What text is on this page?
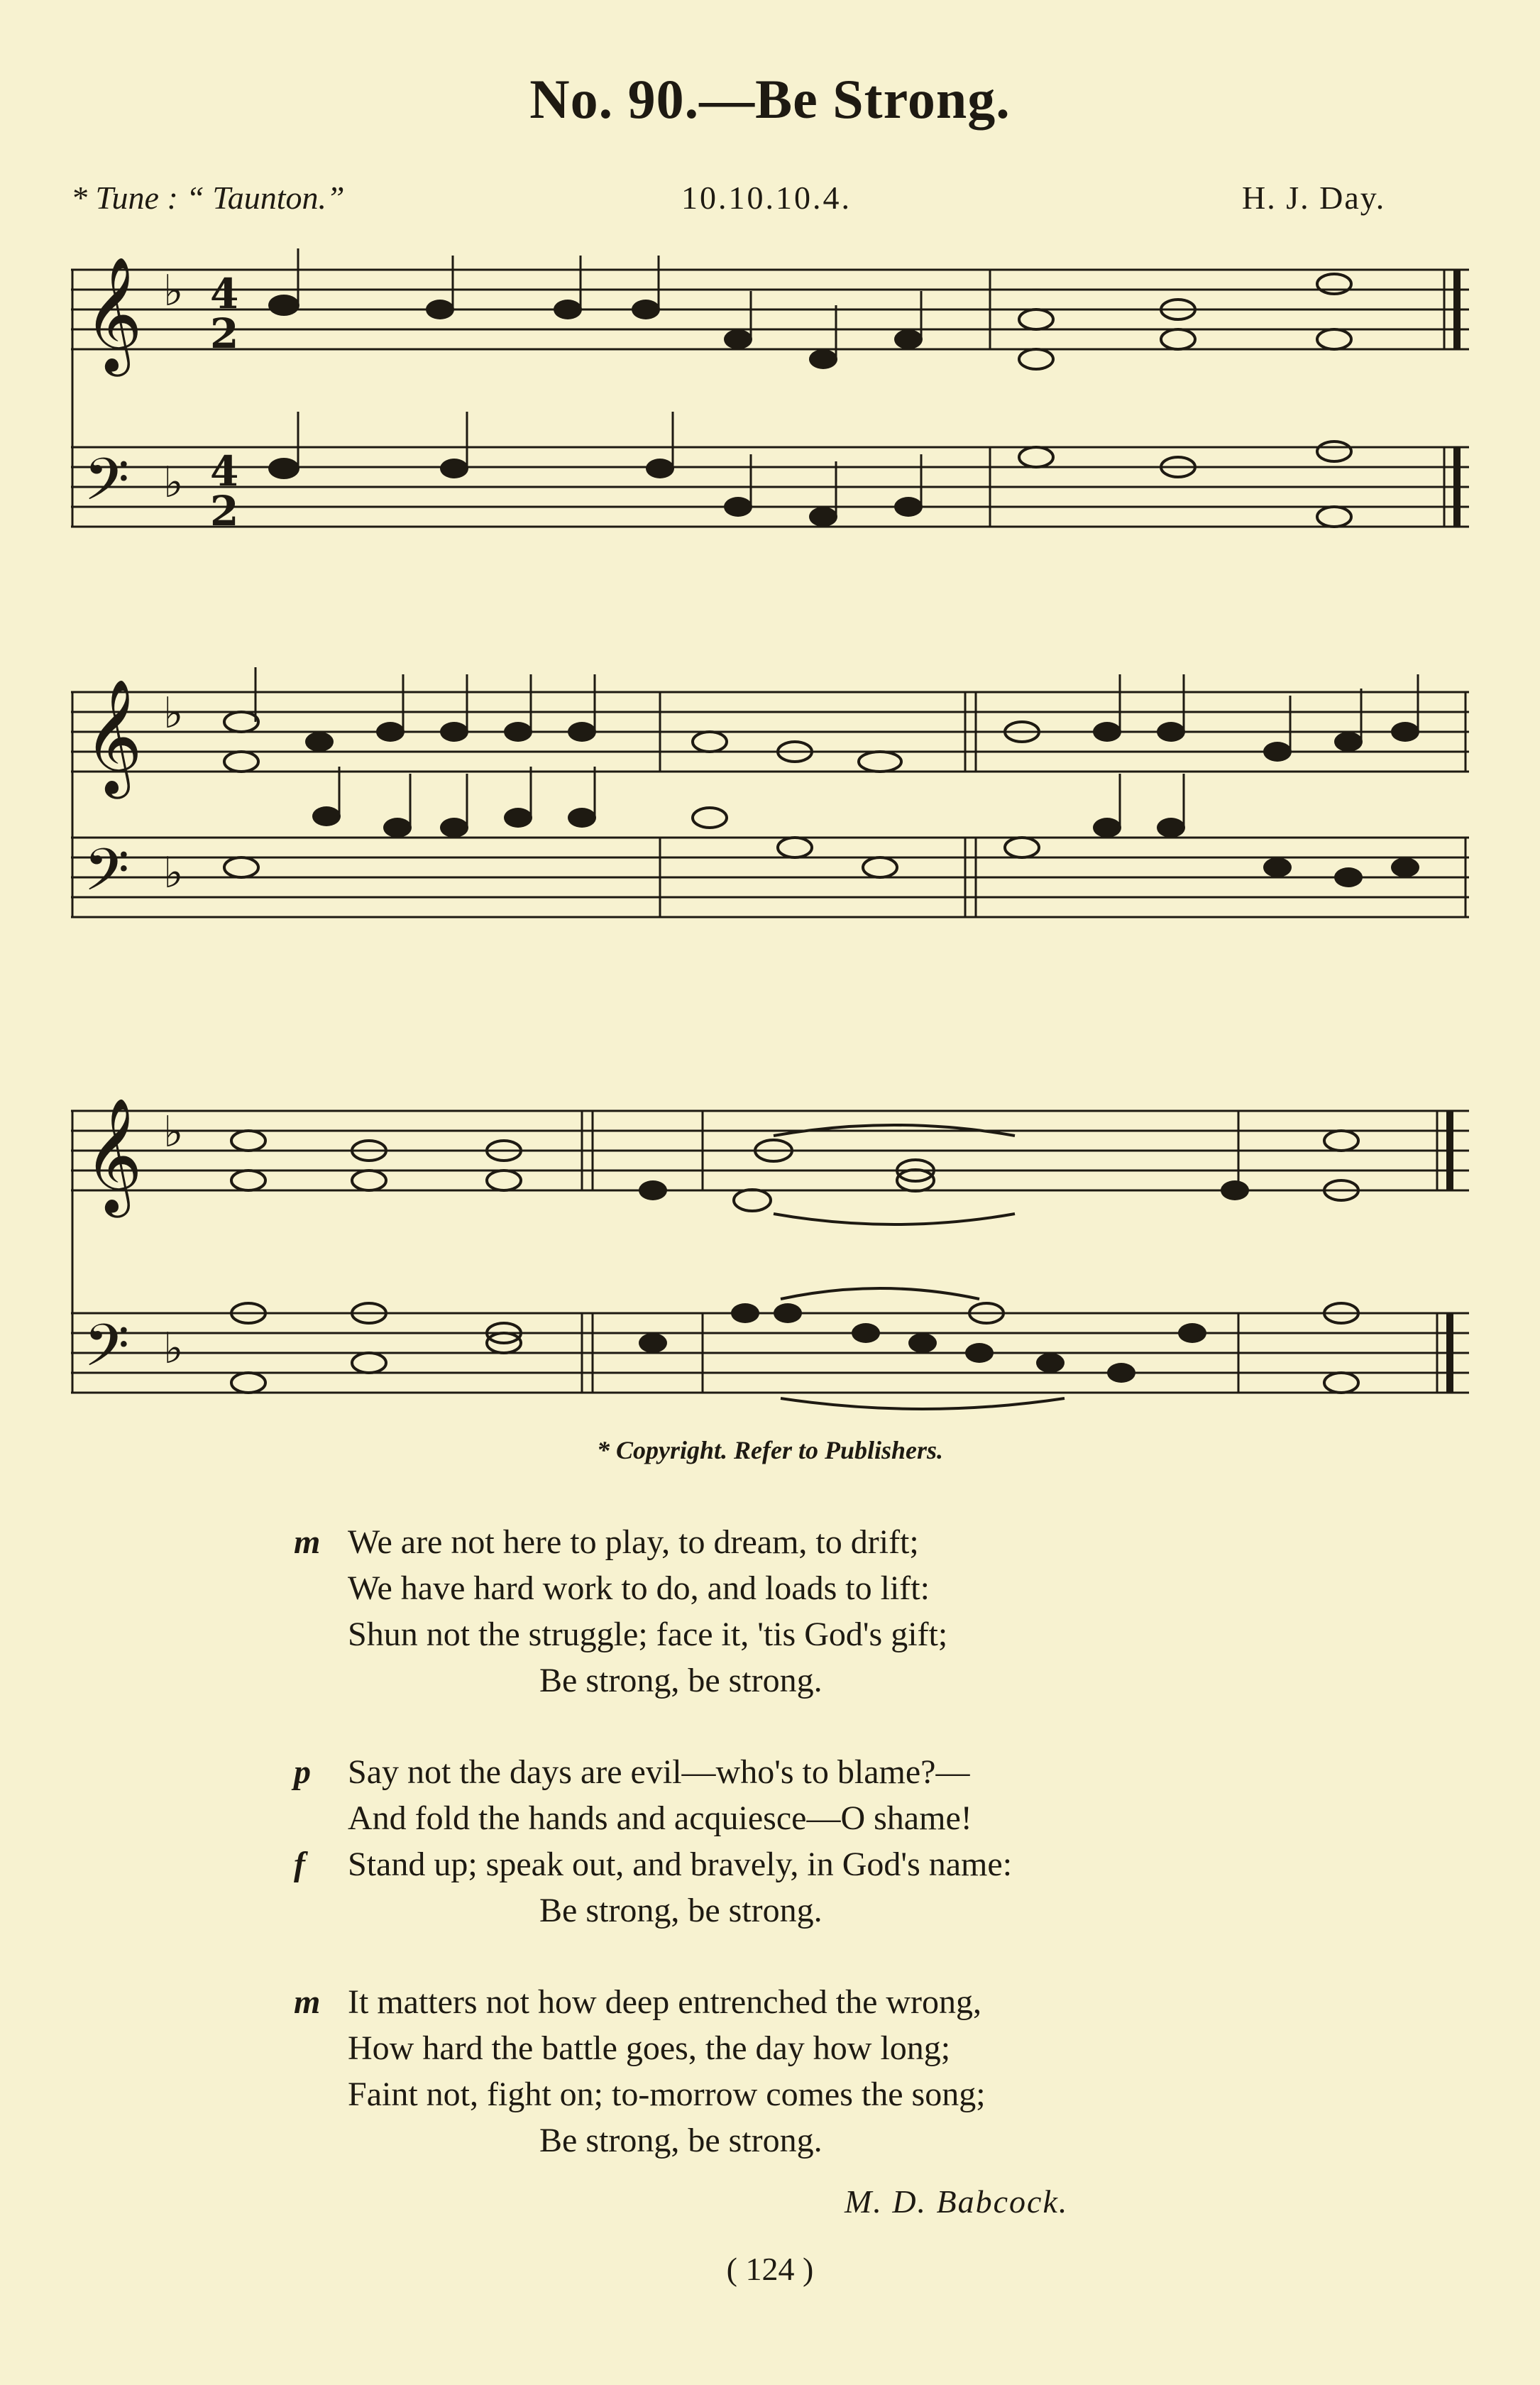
No. 90.—Be Strong.
* Tune : “ Taunton.”	10.10.10.4.	H. J. Day.
𝄞
𝄢
♭
♭
4
2
4
2
𝄞
𝄢
♭
♭
𝄞
𝄢
♭
♭
* Copyright. Refer to Publishers.
m We are not here to play, to dream, to drift;
We have hard work to do, and loads to lift:
Shun not the struggle; face it, 'tis God's gift;
Be strong, be strong.
p Say not the days are evil—who's to blame?—
And fold the hands and acquiesce—O shame!
f Stand up; speak out, and bravely, in God's name:
Be strong, be strong.
m It matters not how deep entrenched the wrong,
How hard the battle goes, the day how long;
Faint not, fight on; to-morrow comes the song;
Be strong, be strong.
M. D. Babcock.
( 124 )
